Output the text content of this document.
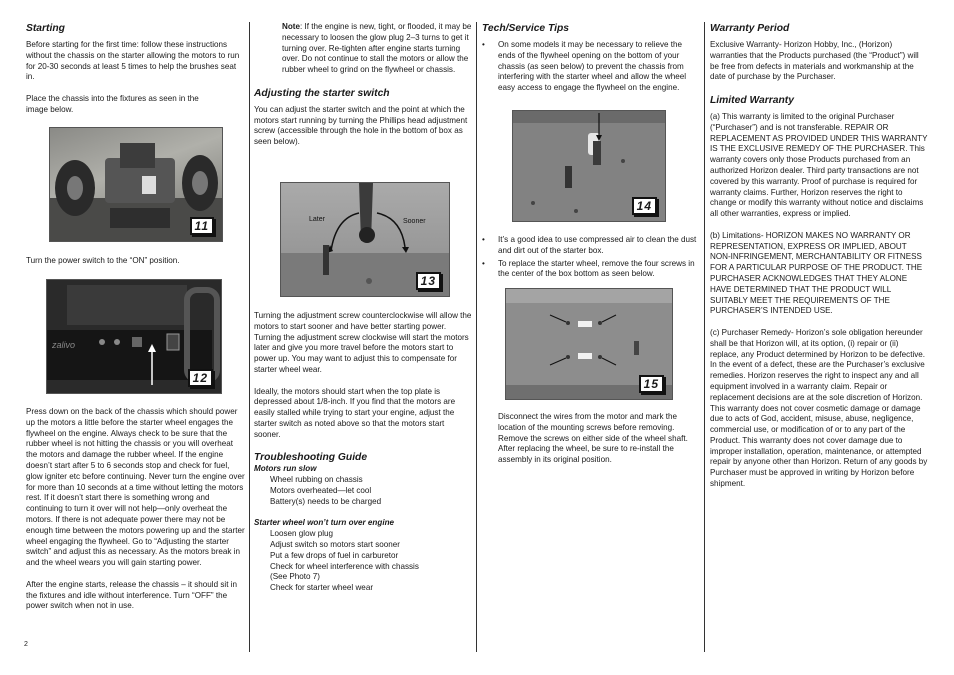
Starting

Before starting for the first time: follow these instructions without the chassis on the starter allowing the motors to run for 20-30 seconds at least 5 times to help the brushes seat in.

Place the chassis into the fixtures as seen in the image below.

11

Turn the power switch to the “ON” position.

zalivo
12

Press down on the back of the chassis which should power up the motors a little before the starter wheel engages the flywheel on the engine. Always check to be sure that the rubber wheel is not hitting the chassis or you will overheat the motors and damage the rubber wheel. If the engine doesn’t start after 5 to 6 seconds stop and check for fuel, glow igniter etc before continuing. Never turn the engine over for more than 10 seconds at a time without letting the motors rest. If it doesn’t start there is something wrong and continuing to turn it over will not help—only overheat the motors. If there is not adequate power there may not be enough time between the motors powering up and the starter wheel engaging the flywheel. Go to “Adjusting the starter switch” and adjust this as necessary. As the motors break in and the wheel wears you will gain starting power.

After the engine starts, release the chassis – it should sit in the fixtures and idle without interference. Turn “OFF” the power switch when not in use.

Note: If the engine is new, tight, or flooded, it may be necessary to loosen the glow plug 2–3 turns to get it turning over. Re-tighten after engine starts turning over. Do not continue to stall the motors or allow the rubber wheel to grind on the flywheel or chassis.

Adjusting the starter switch

You can adjust the starter switch and the point at which the motors start running by turning the Phillips head adjustment screw (accessible through the hole in the bottom of box as seen below).

Later	Sooner
13

Turning the adjustment screw counterclockwise will allow the motors to start sooner and have better starting power. Turning the adjustment screw clockwise will start the motors later and give you more travel before the motors start to power up. You may want to adjust this to compensate for starter wheel wear.

Ideally, the motors should start when the top plate is depressed about 1/8-inch. If you find that the motors are easily stalled while trying to start your engine, adjust the starter switch as noted above so that the motors start sooner.

Troubleshooting Guide
Motors run slow
Wheel rubbing on chassis
Motors overheated—let cool
Battery(s) needs to be charged
Starter wheel won’t turn over engine
Loosen glow plug
Adjust switch so motors start sooner
Put a few drops of fuel in carburetor
Check for wheel interference with chassis
(See Photo 7)
Check for starter wheel wear
Tech/Service Tips
• On some models it may be necessary to relieve the ends of the flywheel opening on the bottom of your chassis (as seen below) to prevent the chassis from interfering with the starter wheel and allow the wheel easy access to engage the flywheel on the engine.
14
• It’s a good idea to use compressed air to clean the dust and dirt out of the starter box.
• To replace the starter wheel, remove the four screws in the center of the box bottom as seen below.
15

Disconnect the wires from the motor and mark the location of the mounting screws before removing. Remove the screws on either side of the wheel shaft. After replacing the wheel, be sure to re-install the assembly in its original position.

Warranty Period

Exclusive Warranty- Horizon Hobby, Inc., (Horizon) warranties that the Products purchased (the “Product”) will be free from defects in materials and workmanship at the date of purchase by the Purchaser.

Limited Warranty

(a) This warranty is limited to the original Purchaser (“Purchaser”) and is not transferable. REPAIR OR REPLACEMENT AS PROVIDED UNDER THIS WARRANTY IS THE EXCLUSIVE REMEDY OF THE PURCHASER. This warranty covers only those Products purchased from an authorized Horizon dealer. Third party transactions are not covered by this warranty. Proof of purchase is required for warranty claims. Further, Horizon reserves the right to change or modify this warranty without notice and disclaims all other warranties, express or implied.

(b) Limitations- HORIZON MAKES NO WARRANTY OR REPRESENTATION, EXPRESS OR IMPLIED, ABOUT NON-INFRINGEMENT, MERCHANTABILITY OR FITNESS FOR A PARTICULAR PURPOSE OF THE PRODUCT. THE PURCHASER ACKNOWLEDGES THAT THEY ALONE HAVE DETERMINED THAT THE PRODUCT WILL SUITABLY MEET THE REQUIREMENTS OF THE PURCHASER’S INTENDED USE.

(c) Purchaser Remedy- Horizon’s sole obligation hereunder shall be that Horizon will, at its option, (i) repair or (ii) replace, any Product determined by Horizon to be defective. In the event of a defect, these are the Purchaser’s exclusive remedies. Horizon reserves the right to inspect any and all equipment involved in a warranty claim. Repair or replacement decisions are at the sole discretion of Horizon. This warranty does not cover cosmetic damage or damage due to acts of God, accident, misuse, abuse, negligence, commercial use, or modification of or to any part of the Product. This warranty does not cover damage due to improper installation, operation, maintenance, or attempted repair by anyone other than Horizon. Return of any goods by Purchaser must be approved in writing by Horizon before shipment.

2
